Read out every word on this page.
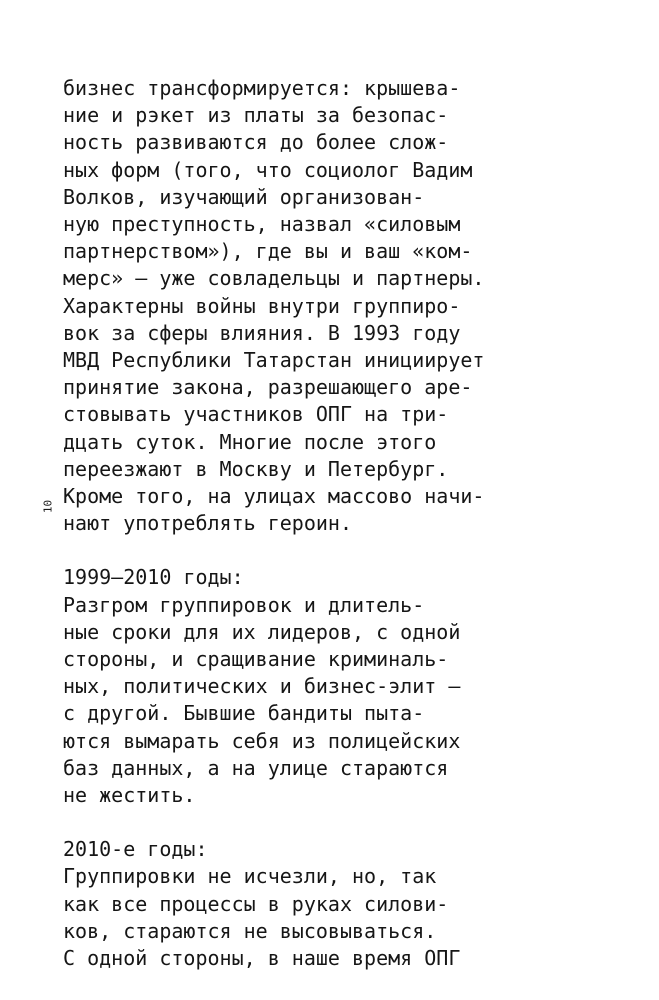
10
бизнес трансформируется: крышева-
ние и рэкет из платы за безопас-
ность развиваются до более слож-
ных форм (того, что социолог Вадим
Волков, изучающий организован-
ную преступность, назвал «силовым
партнерством»), где вы и ваш «ком-
мерс» — уже совладельцы и партнеры.
Характерны войны внутри группиро-
вок за сферы влияния. В 1993 году
МВД Республики Татарстан инициирует
принятие закона, разрешающего аре-
стовывать участников ОПГ на три-
дцать суток. Многие после этого
переезжают в Москву и Петербург.
Кроме того, на улицах массово начи-
нают употреблять героин.
1999–2010 годы:
Разгром группировок и длитель-
ные сроки для их лидеров, с одной
стороны, и сращивание криминаль-
ных, политических и бизнес-элит —
с другой. Бывшие бандиты пыта-
ются вымарать себя из полицейских
баз данных, а на улице стараются
не жестить.
2010-е годы:
Группировки не исчезли, но, так
как все процессы в руках силови-
ков, стараются не высовываться.
С одной стороны, в наше время ОПГ
